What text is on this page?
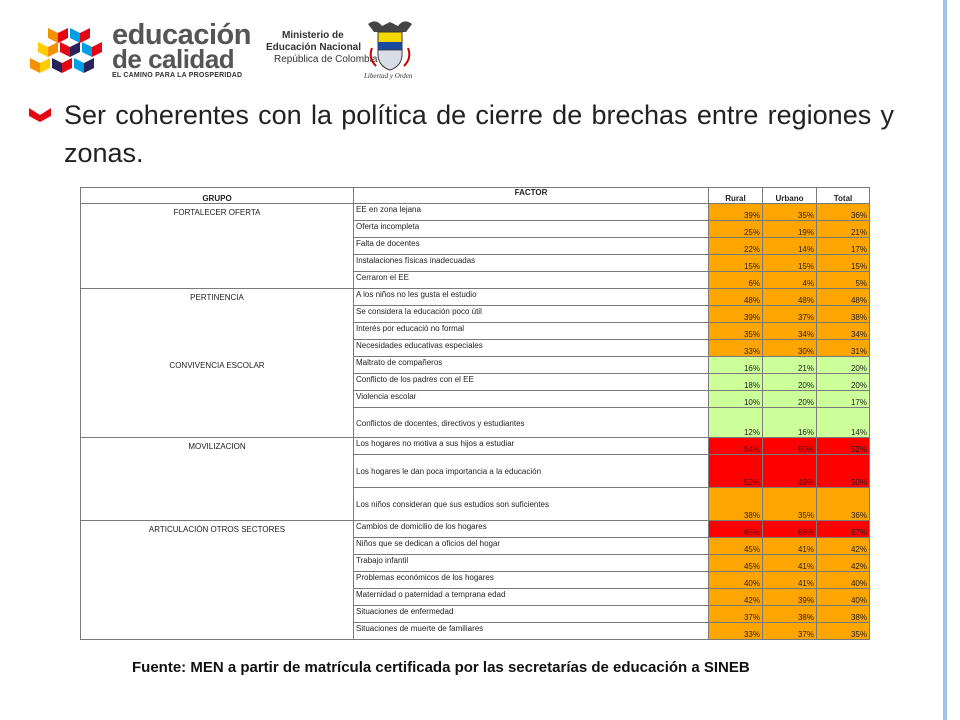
educación
de calidad
EL CAMINO PARA LA PROSPERIDAD
Ministerio de
Educación Nacional
República de Colombia
Libertad y Orden
Ser coherentes con la política de cierre de brechas entre regiones y zonas.
GRUPO	FACTOR	Rural	Urbano	Total
FORTALECER OFERTA	EE en zona lejana	39%	35%	36%
	Oferta incompleta	25%	19%	21%
	Falta de docentes	22%	14%	17%
	Instalaciones físicas inadecuadas	15%	15%	15%
	Cerraron el EE	6%	4%	5%
PERTINENCIA	A los niños no les gusta el estudio	48%	48%	48%
	Se considera la educación poco útil	39%	37%	38%
	Interés por educació no formal	35%	34%	34%
	Necesidades educativas especiales	33%	30%	31%
CONVIVENCIA ESCOLAR	Maltrato de compañeros	16%	21%	20%
	Conflicto de los padres con el EE	18%	20%	20%
	Violencia escolar	10%	20%	17%
	Conflictos de docentes, directivos y estudiantes	12%	16%	14%
MOVILIZACION	Los hogares no motiva a sus hijos a estudiar	54%	50%	52%
	Los hogares le dan poca importancia a la educación	52%	49%	50%
	Los niños consideran que sus estudios son suficientes	38%	35%	36%
ARTICULACIÓN OTROS SECTORES	Cambios de domicilio de los hogares	65%	68%	67%
	Niños que se dedican a oficios del hogar	45%	41%	42%
	Trabajo infantil	45%	41%	42%
	Problemas económicos de los hogares	40%	41%	40%
	Maternidad o paternidad a temprana edad	42%	39%	40%
	Situaciones de enfermedad	37%	38%	38%
	Situaciones de muerte de familiares	33%	37%	35%
Fuente: MEN a partir de matrícula certificada por las secretarías de educación a SINEB
